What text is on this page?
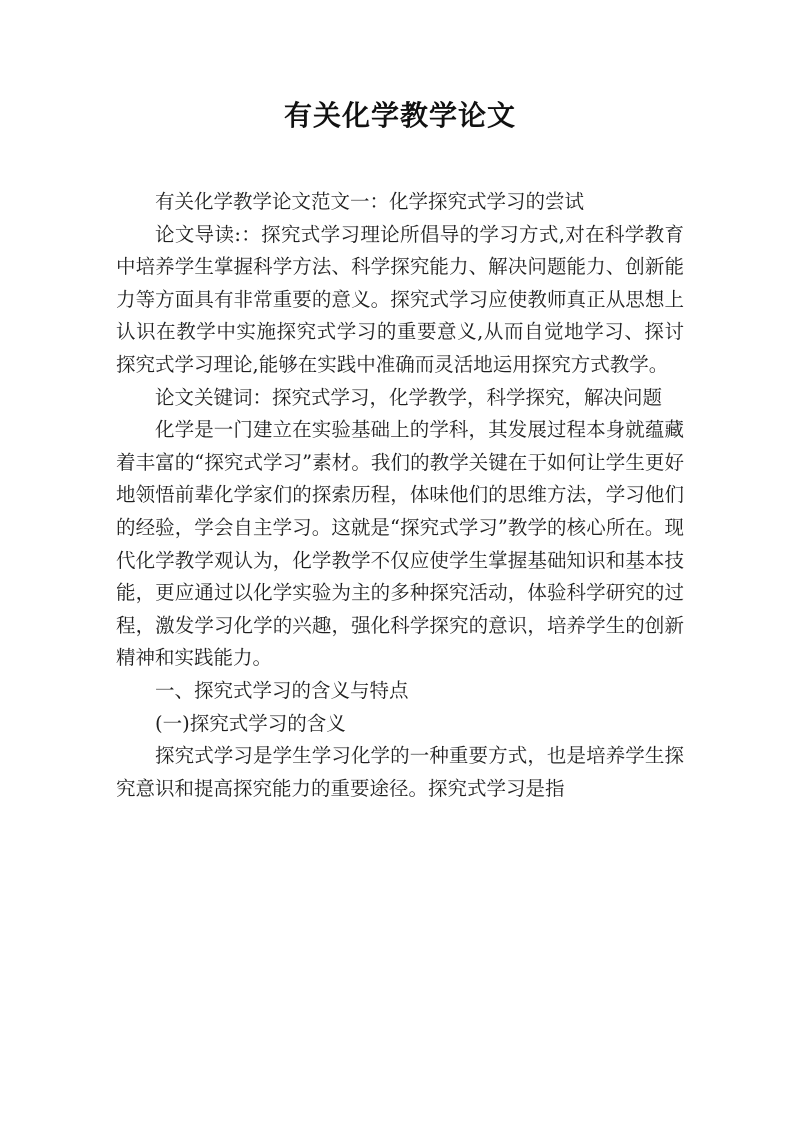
有关化学教学论文

有关化学教学论文范文一：化学探究式学习的尝试

论文导读:：探究式学习理论所倡导的学习方式,对在科学教育中培养学生掌握科学方法、科学探究能力、解决问题能力、创新能力等方面具有非常重要的意义。探究式学习应使教师真正从思想上认识在教学中实施探究式学习的重要意义,从而自觉地学习、探讨探究式学习理论,能够在实践中准确而灵活地运用探究方式教学。

论文关键词：探究式学习，化学教学，科学探究，解决问题

化学是一门建立在实验基础上的学科，其发展过程本身就蕴藏着丰富的“探究式学习”素材。我们的教学关键在于如何让学生更好地领悟前辈化学家们的探索历程，体味他们的思维方法，学习他们的经验，学会自主学习。这就是“探究式学习”教学的核心所在。现代化学教学观认为，化学教学不仅应使学生掌握基础知识和基本技能，更应通过以化学实验为主的多种探究活动，体验科学研究的过程，激发学习化学的兴趣，强化科学探究的意识，培养学生的创新精神和实践能力。

一、探究式学习的含义与特点

(一)探究式学习的含义

探究式学习是学生学习化学的一种重要方式，也是培养学生探究意识和提高探究能力的重要途径。探究式学习是指
